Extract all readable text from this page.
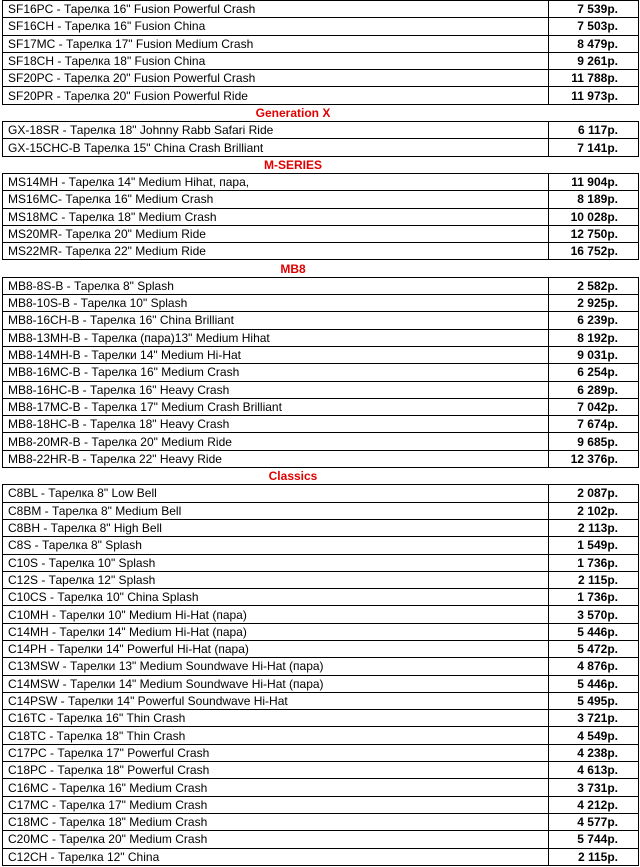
SF16PC - Тарелка 16" Fusion Powerful Crash	7 539р.
SF16CH - Тарелка 16" Fusion China	7 503р.
SF17MC - Тарелка 17" Fusion Medium Crash	8 479р.
SF18CH - Тарелка 18" Fusion China	9 261р.
SF20PC - Тарелка 20" Fusion Powerful Crash	11 788р.
SF20PR - Тарелка 20" Fusion Powerful Ride	11 973р.
Generation X	
GX-18SR - Тарелка 18" Johnny Rabb Safari Ride	6 117р.
GX-15CHC-B Тарелка 15" China Crash Brilliant	7 141р.
M-SERIES	
MS14MH - Тарелка 14" Medium Hihat, пара,	11 904р.
MS16MC- Тарелка 16" Medium Crash	8 189р.
MS18MC - Тарелка 18" Medium Crash	10 028р.
MS20MR- Тарелка 20" Medium Ride	12 750р.
MS22MR- Тарелка 22" Medium Ride	16 752р.
MB8	
MB8-8S-B - Тарелка 8" Splash	2 582р.
MB8-10S-B - Тарелка 10" Splash	2 925р.
MB8-16CH-B - Тарелка 16" China Brilliant	6 239р.
MB8-13MH-B - Тарелка (пара)13" Medium Hihat	8 192р.
MB8-14MH-B - Тарелки 14" Medium Hi-Hat	9 031р.
MB8-16MC-B - Тарелка 16" Medium Crash	6 254р.
MB8-16HC-B - Тарелка 16" Heavy Crash	6 289р.
MB8-17MC-B - Тарелка 17" Medium Crash Brilliant	7 042р.
MB8-18HC-B - Тарелка 18" Heavy Crash	7 674р.
MB8-20MR-B - Тарелка 20" Medium Ride	9 685р.
MB8-22HR-B - Тарелка 22" Heavy Ride	12 376р.
Classics	
C8BL - Тарелка 8" Low Bell	2 087р.
C8BM - Тарелка 8" Medium Bell	2 102р.
C8BH - Тарелка 8" High Bell	2 113р.
C8S - Тарелка 8" Splash	1 549р.
C10S - Тарелка 10" Splash	1 736р.
C12S - Тарелка 12" Splash	2 115р.
C10CS - Тарелка 10" China Splash	1 736р.
C10MH - Тарелки 10" Medium Hi-Hat (пара)	3 570р.
C14MH - Тарелки 14" Medium Hi-Hat (пара)	5 446р.
C14PH - Тарелки 14" Powerful Hi-Hat (пара)	5 472р.
C13MSW - Тарелки 13" Medium Soundwave Hi-Hat (пара)	4 876р.
C14MSW - Тарелки 14" Medium Soundwave Hi-Hat (пара)	5 446р.
C14PSW - Тарелки 14" Powerful Soundwave Hi-Hat	5 495р.
C16TC - Тарелка 16" Thin Crash	3 721р.
C18TC - Тарелка 18" Thin Crash	4 549р.
C17PC - Тарелка 17" Powerful Crash	4 238р.
C18PC - Тарелка 18" Powerful Crash	4 613р.
C16MC - Тарелка 16" Medium Crash	3 731р.
C17MC - Тарелка 17" Medium Crash	4 212р.
C18MC - Тарелка 18" Medium Crash	4 577р.
C20MC - Тарелка 20" Medium Crash	5 744р.
C12CH - Тарелка 12" China	2 115р.
